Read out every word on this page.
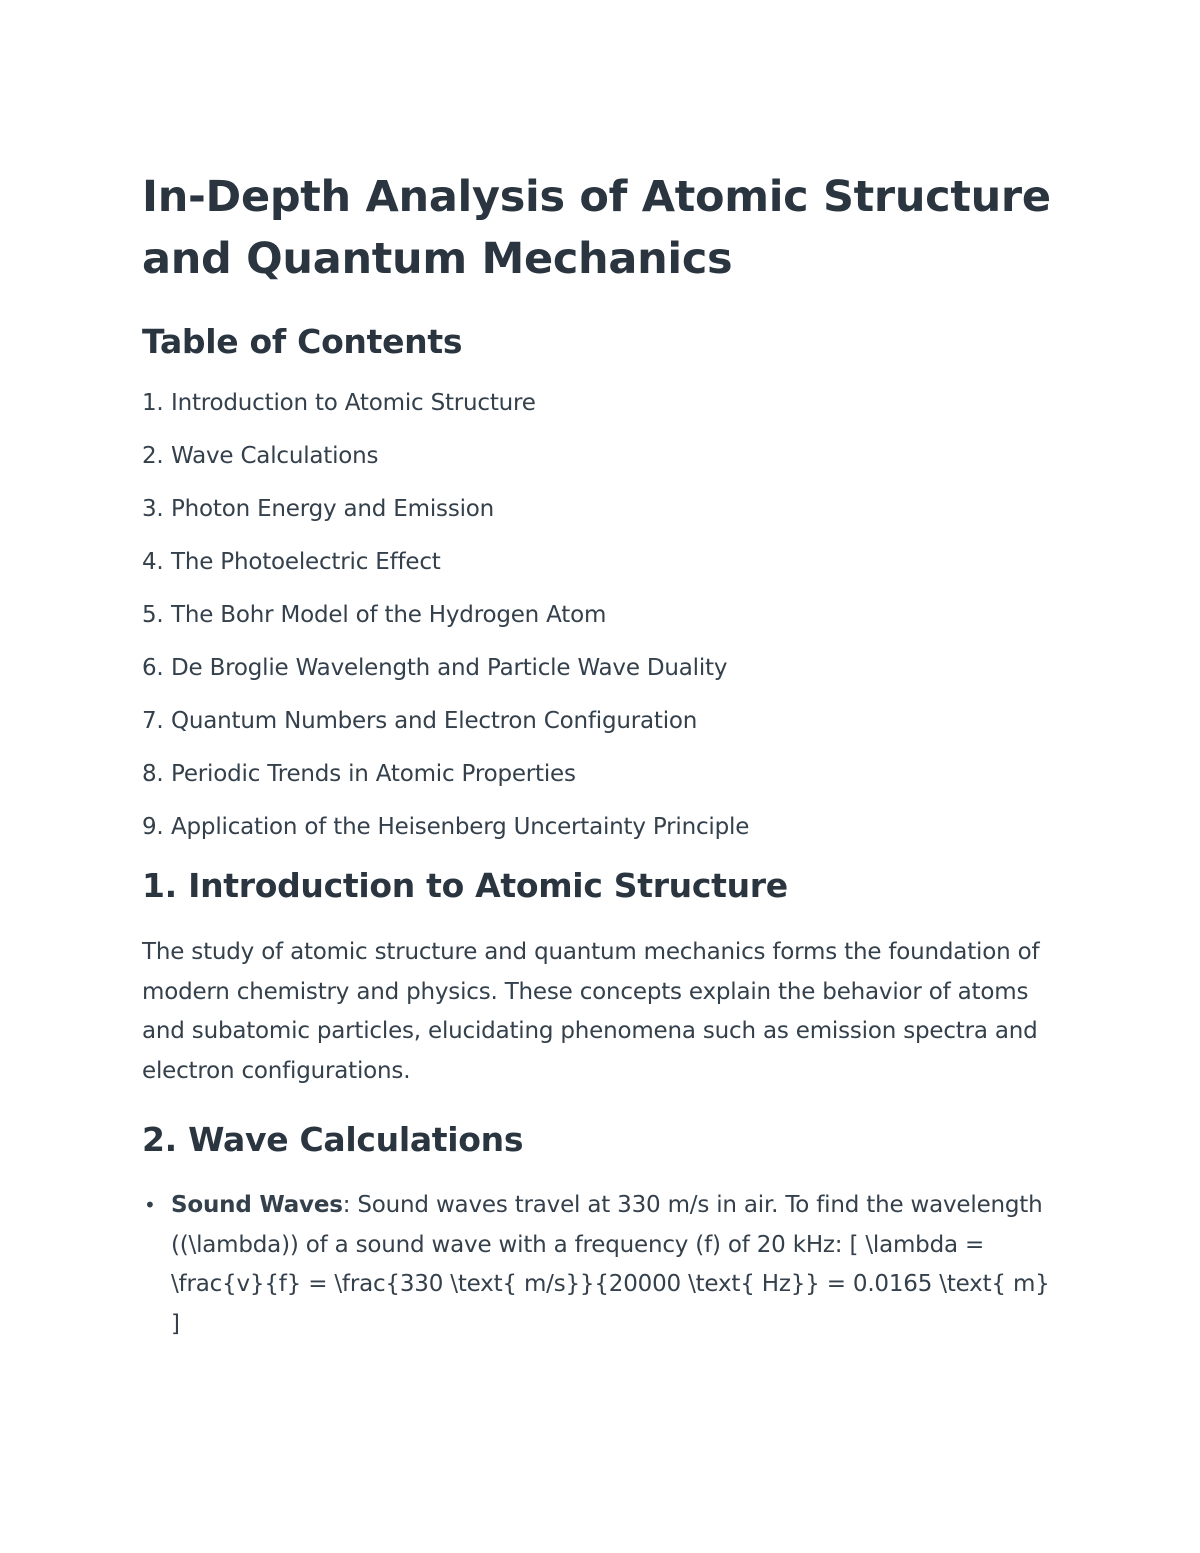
In-Depth Analysis of Atomic Structure and Quantum Mechanics
Table of Contents
1. Introduction to Atomic Structure
2. Wave Calculations
3. Photon Energy and Emission
4. The Photoelectric Effect
5. The Bohr Model of the Hydrogen Atom
6. De Broglie Wavelength and Particle Wave Duality
7. Quantum Numbers and Electron Configuration
8. Periodic Trends in Atomic Properties
9. Application of the Heisenberg Uncertainty Principle
1. Introduction to Atomic Structure

The study of atomic structure and quantum mechanics forms the foundation of modern chemistry and physics. These concepts explain the behavior of atoms and subatomic particles, elucidating phenomena such as emission spectra and electron configurations.

2. Wave Calculations
• Sound Waves: Sound waves travel at 330 m/s in air. To find the wavelength ((\lambda)) of a sound wave with a frequency (f) of 20 kHz: [ \lambda = \frac{v}{f} = \frac{330 \text{ m/s}}{20000 \text{ Hz}} = 0.0165 \text{ m} ]
